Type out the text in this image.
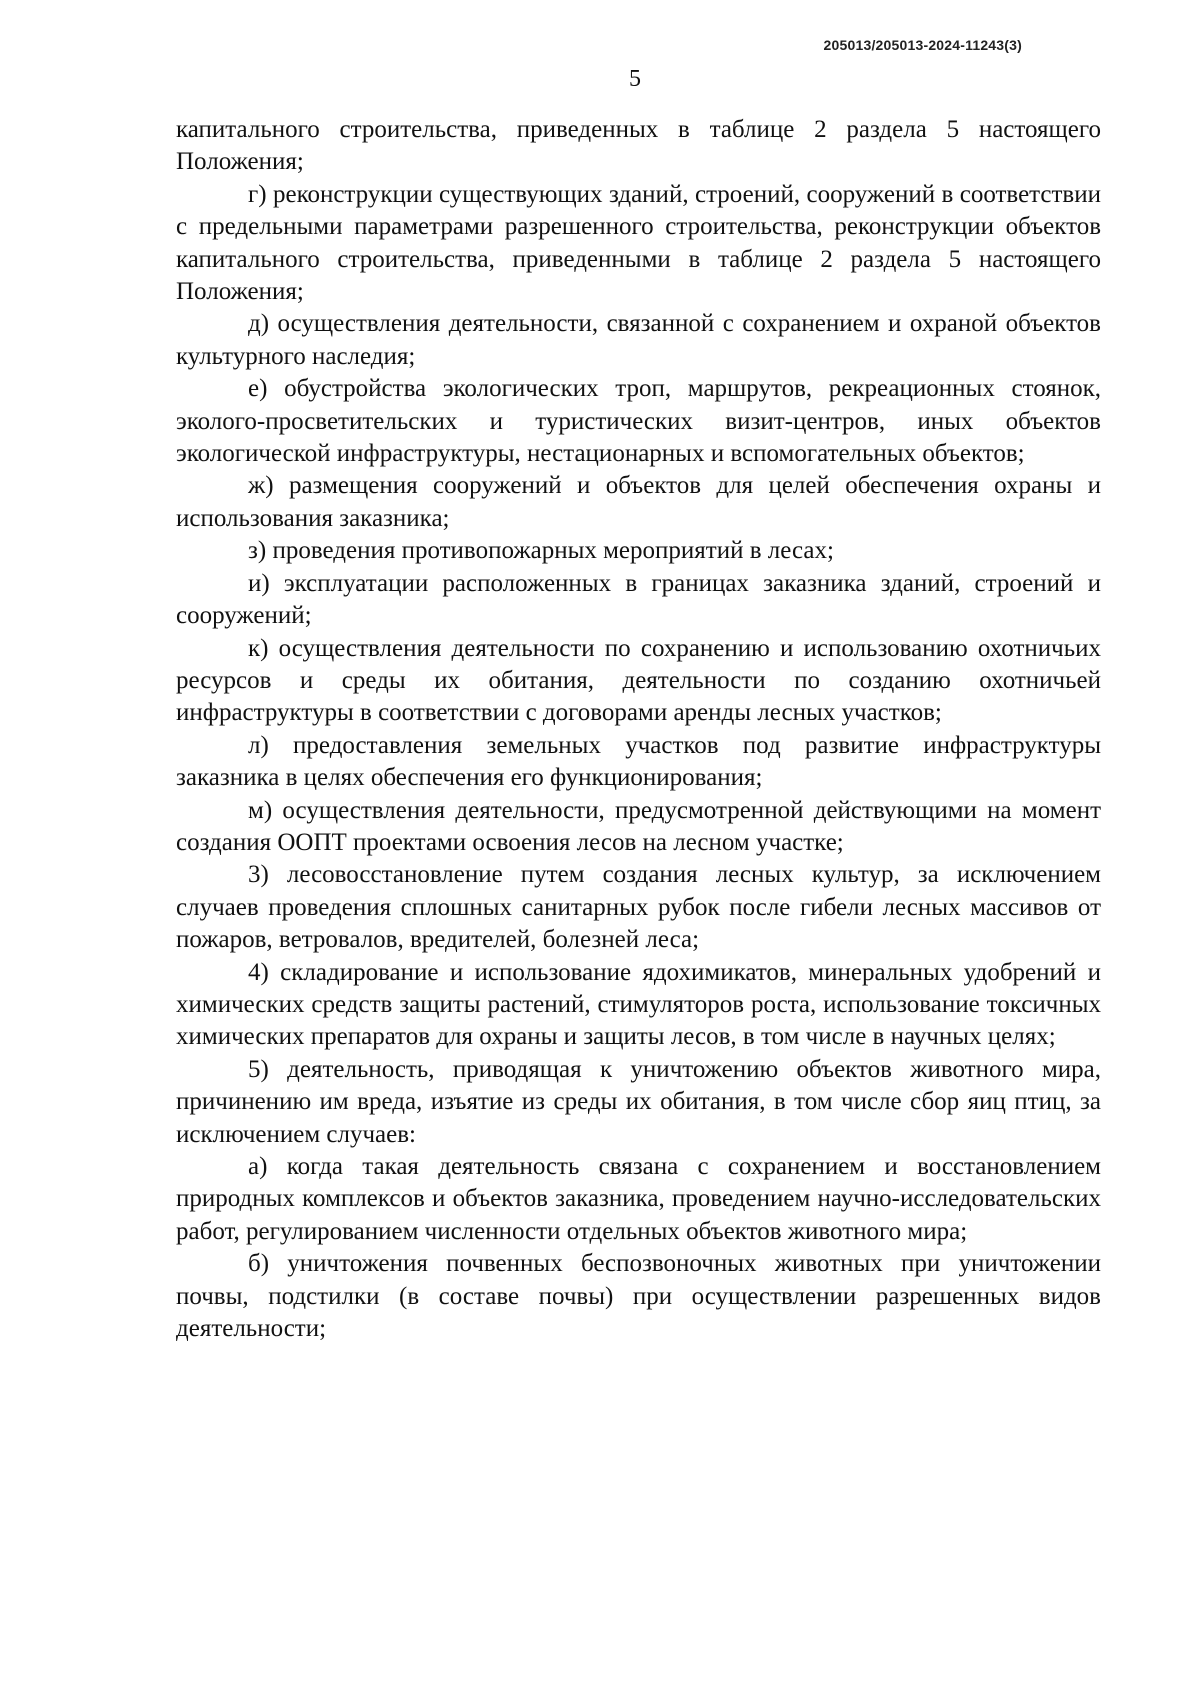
205013/205013-2024-11243(3)
5

капитального строительства, приведенных в таблице 2 раздела 5 настоящего Положения;

г) реконструкции существующих зданий, строений, сооружений в соответствии с предельными параметрами разрешенного строительства, реконструкции объектов капитального строительства, приведенными в таблице 2 раздела 5 настоящего Положения;

д) осуществления деятельности, связанной с сохранением и охраной объектов культурного наследия;

е) обустройства экологических троп, маршрутов, рекреационных стоянок, эколого-просветительских и туристических визит-центров, иных объектов экологической инфраструктуры, нестационарных и вспомогательных объектов;

ж) размещения сооружений и объектов для целей обеспечения охраны и использования заказника;

з) проведения противопожарных мероприятий в лесах;

и) эксплуатации расположенных в границах заказника зданий, строений и сооружений;

к) осуществления деятельности по сохранению и использованию охотничьих ресурсов и среды их обитания, деятельности по созданию охотничьей инфраструктуры в соответствии с договорами аренды лесных участков;

л) предоставления земельных участков под развитие инфраструктуры заказника в целях обеспечения его функционирования;

м) осуществления деятельности, предусмотренной действующими на момент создания ООПТ проектами освоения лесов на лесном участке;

3) лесовосстановление путем создания лесных культур, за исключением случаев проведения сплошных санитарных рубок после гибели лесных массивов от пожаров, ветровалов, вредителей, болезней леса;

4) складирование и использование ядохимикатов, минеральных удобрений и химических средств защиты растений, стимуляторов роста, использование токсичных химических препаратов для охраны и защиты лесов, в том числе в научных целях;

5) деятельность, приводящая к уничтожению объектов животного мира, причинению им вреда, изъятие из среды их обитания, в том числе сбор яиц птиц, за исключением случаев:

а) когда такая деятельность связана с сохранением и восстановлением природных комплексов и объектов заказника, проведением научно-исследовательских работ, регулированием численности отдельных объектов животного мира;

б) уничтожения почвенных беспозвоночных животных при уничтожении почвы, подстилки (в составе почвы) при осуществлении разрешенных видов деятельности;
